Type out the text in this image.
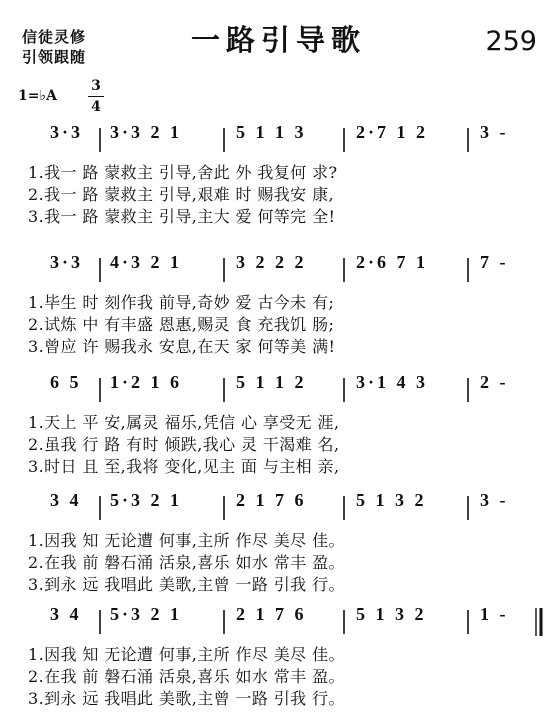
信徒灵修
引领跟随	一路引导歌	259
1=♭A
3
4
3·3 3·3 2 1	5 1 1 3	2·7 1 2	3 -
1.我一 路 蒙救主 引导,舍此 外 我复何 求?
2.我一 路 蒙救主 引导,艰难 时 赐我安 康,
3.我一 路 蒙救主 引导,主大 爱 何等完 全!
3·3 4·3 2 1	3 2 2 2	2·6 7 1	7 -
1.毕生 时 刻作我 前导,奇妙 爱 古今未 有;
2.试炼 中 有丰盛 恩惠,赐灵 食 充我饥 肠;
3.曾应 许 赐我永 安息,在天 家 何等美 满!
6 5 1·2 1 6	5 1 1 2	3·1 4 3	2 -
1.天上 平 安,属灵 福乐,凭信 心 享受无 涯,
2.虽我 行 路 有时 倾跌,我心 灵 干渴难 名,
3.时日 且 至,我将 变化,见主 面 与主相 亲,
3 4 5·3 2 1	2 1 7 6	5 1 3 2	3 -
1.因我 知 无论遭 何事,主所 作尽 美尽 佳。
2.在我 前 磐石涌 活泉,喜乐 如水 常丰 盈。
3.到永 远 我唱此 美歌,主曾 一路 引我 行。
3 4 5·3 2 1	2 1 7 6	5 1 3 2	1 -
1.因我 知 无论遭 何事,主所 作尽 美尽 佳。
2.在我 前 磐石涌 活泉,喜乐 如水 常丰 盈。
3.到永 远 我唱此 美歌,主曾 一路 引我 行。
